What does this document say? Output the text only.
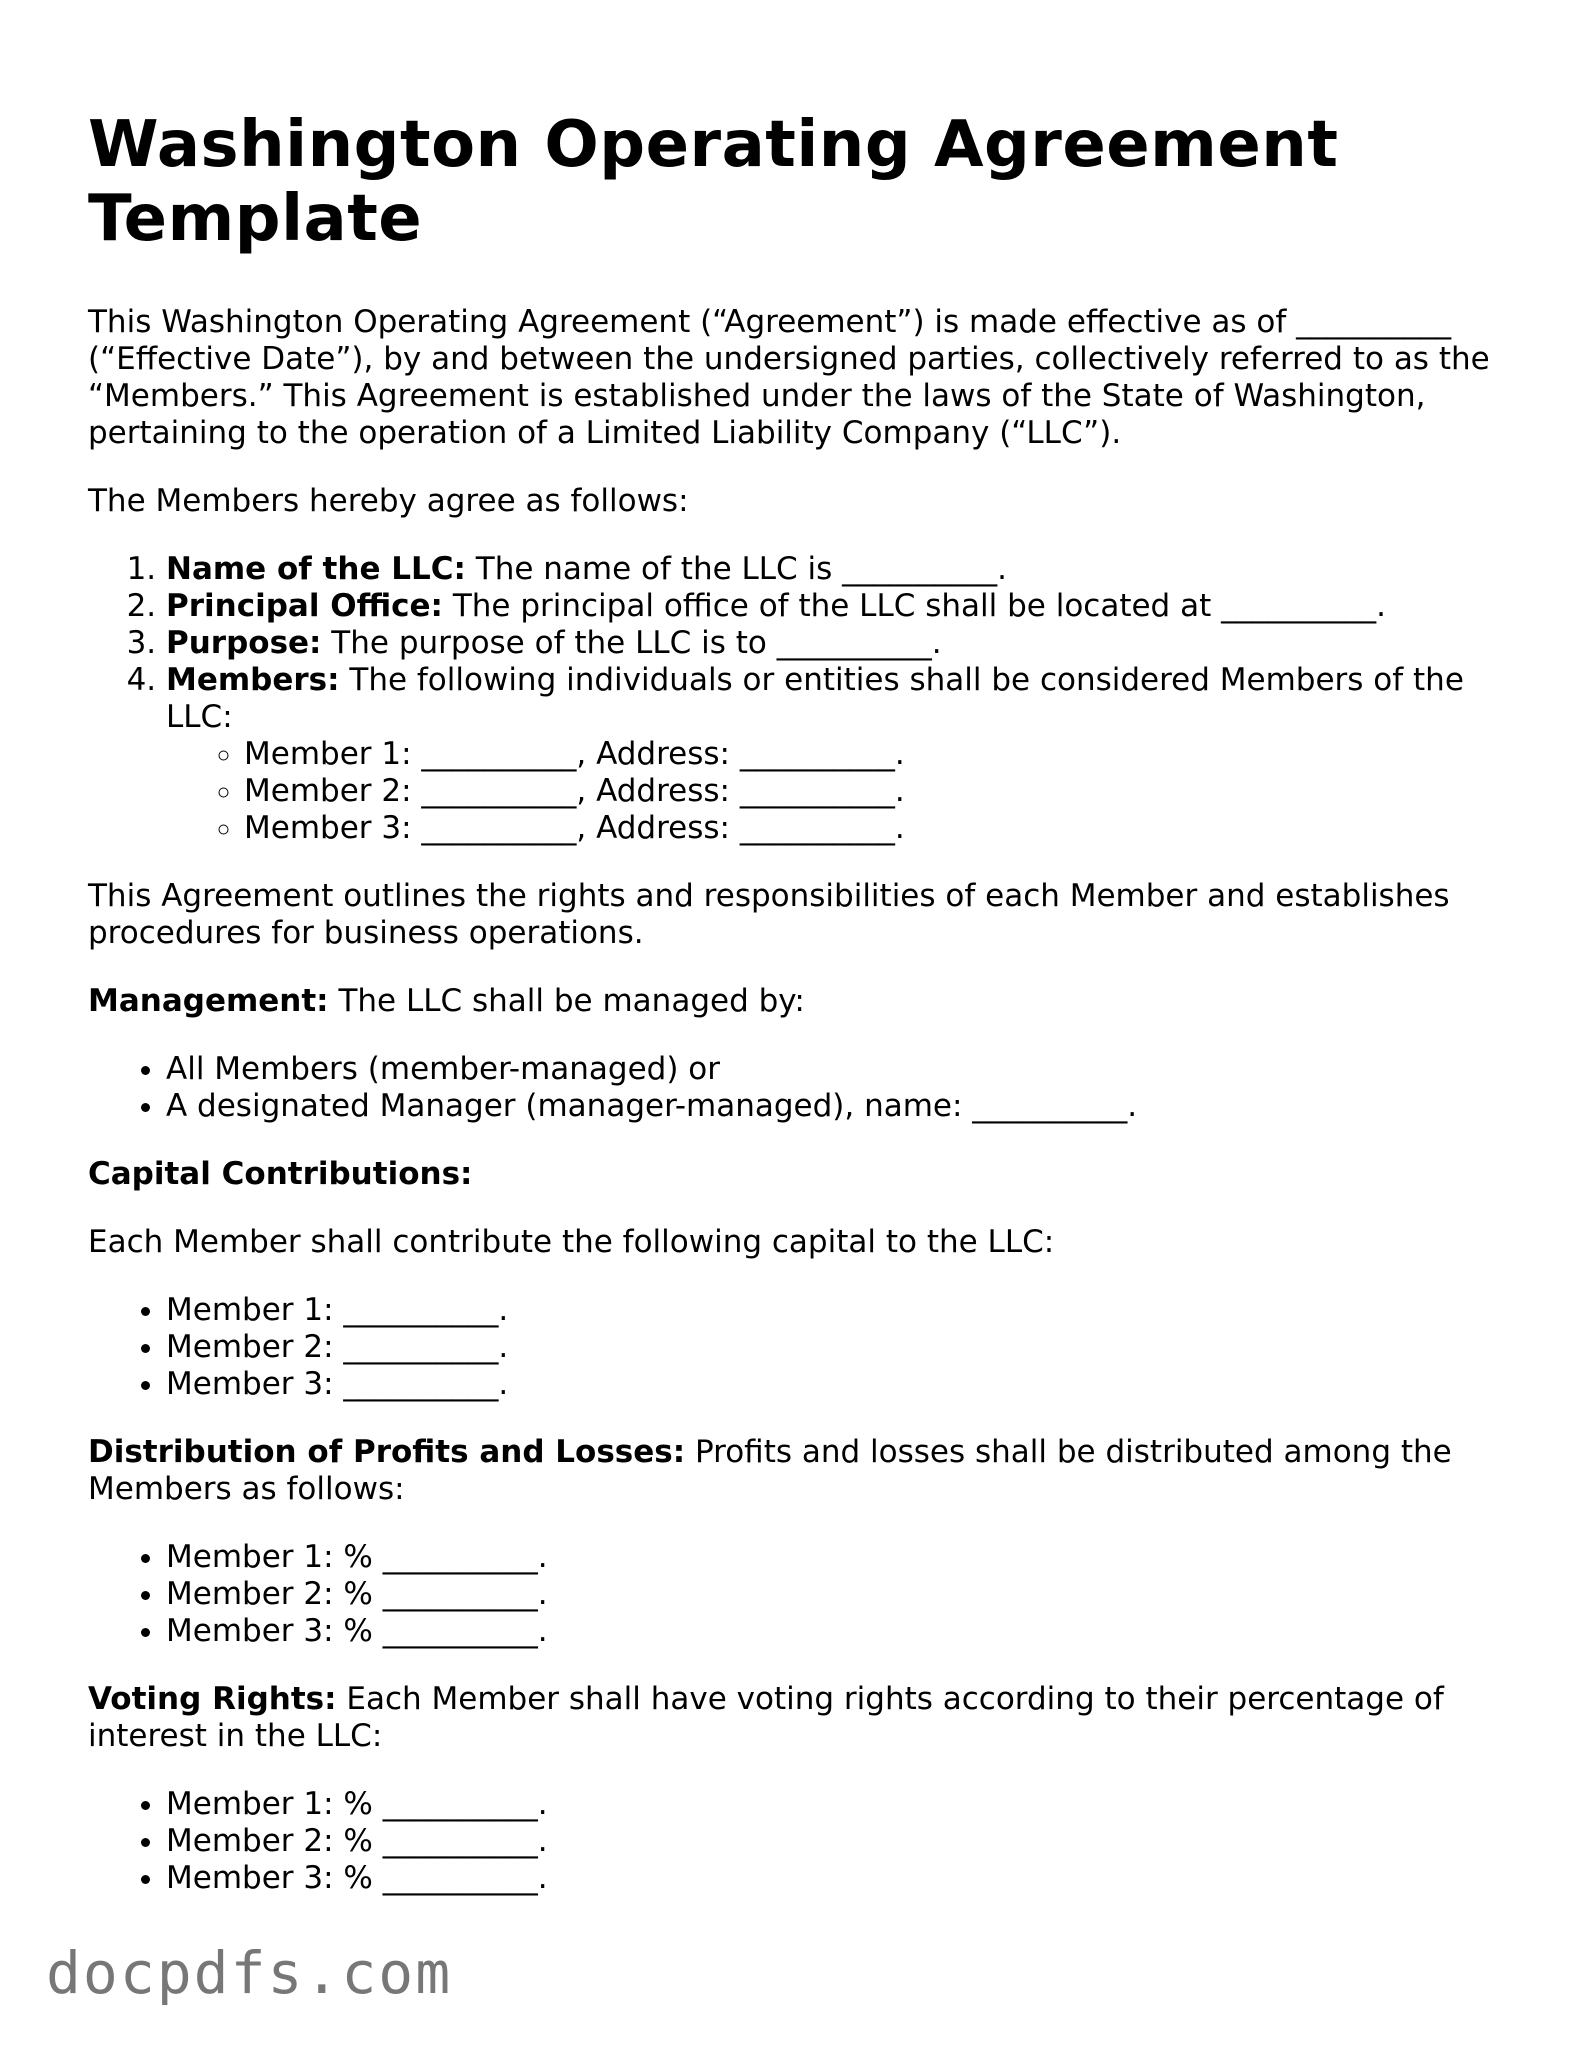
Washington Operating Agreement Template

This Washington Operating Agreement (“Agreement”) is made effective as of __________ (“Effective Date”), by and between the undersigned parties, collectively referred to as the “Members.” This Agreement is established under the laws of the State of Washington, pertaining to the operation of a Limited Liability Company (“LLC”).

The Members hereby agree as follows:

1. Name of the LLC: The name of the LLC is __________.
2. Principal Office: The principal office of the LLC shall be located at __________.
3. Purpose: The purpose of the LLC is to __________.
4. Members: The following individuals or entities shall be considered Members of the LLC:
◦ Member 1: __________, Address: __________.
◦ Member 2: __________, Address: __________.
◦ Member 3: __________, Address: __________.

This Agreement outlines the rights and responsibilities of each Member and establishes procedures for business operations.

Management: The LLC shall be managed by:

• All Members (member-managed) or
• A designated Manager (manager-managed), name: __________.

Capital Contributions:

Each Member shall contribute the following capital to the LLC:

• Member 1: __________.
• Member 2: __________.
• Member 3: __________.

Distribution of Profits and Losses: Profits and losses shall be distributed among the Members as follows:

• Member 1: % __________.
• Member 2: % __________.
• Member 3: % __________.

Voting Rights: Each Member shall have voting rights according to their percentage of interest in the LLC:

• Member 1: % __________.
• Member 2: % __________.
• Member 3: % __________.
docpdfs.com
